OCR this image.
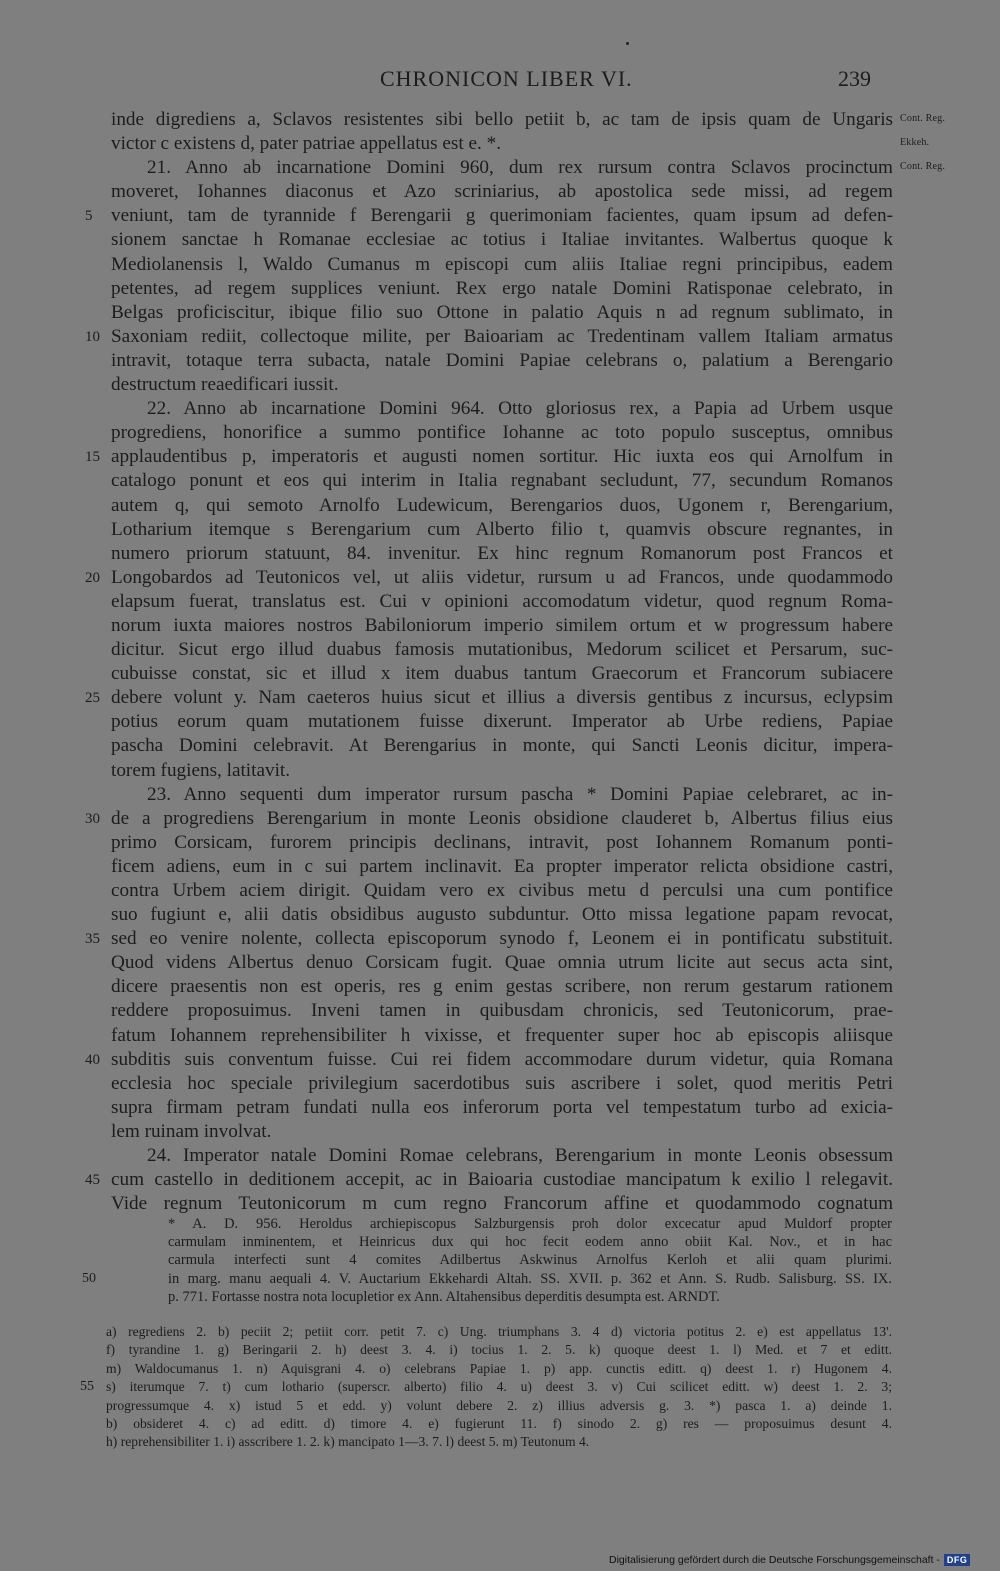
CHRONICON LIBER VI.	239
Cont. Reg.
Ekkeh.
Cont. Reg.
inde digrediens a, Sclavos resistentes sibi bello petiit b, ac tam de ipsis quam de Ungaris
victor c existens d, pater patriae appellatus est e. *.
21. Anno ab incarnatione Domini 960, dum rex rursum contra Sclavos procinctum
moveret, Iohannes diaconus et Azo scriniarius, ab apostolica sede missi, ad regem
veniunt, tam de tyrannide f Berengarii g querimoniam facientes, quam ipsum ad defen-
5
sionem sanctae h Romanae ecclesiae ac totius i Italiae invitantes. Walbertus quoque k
Mediolanensis l, Waldo Cumanus m episcopi cum aliis Italiae regni principibus, eadem
petentes, ad regem supplices veniunt. Rex ergo natale Domini Ratisponae celebrato, in
Belgas proficiscitur, ibique filio suo Ottone in palatio Aquis n ad regnum sublimato, in
Saxoniam rediit, collectoque milite, per Baioariam ac Tredentinam vallem Italiam armatus
10
intravit, totaque terra subacta, natale Domini Papiae celebrans o, palatium a Berengario
destructum reaedificari iussit.
22. Anno ab incarnatione Domini 964. Otto gloriosus rex, a Papia ad Urbem usque
progrediens, honorifice a summo pontifice Iohanne ac toto populo susceptus, omnibus
applaudentibus p, imperatoris et augusti nomen sortitur. Hic iuxta eos qui Arnolfum in
15
catalogo ponunt et eos qui interim in Italia regnabant secludunt, 77, secundum Romanos
autem q, qui semoto Arnolfo Ludewicum, Berengarios duos, Ugonem r, Berengarium,
Lotharium itemque s Berengarium cum Alberto filio t, quamvis obscure regnantes, in
numero priorum statuunt, 84. invenitur. Ex hinc regnum Romanorum post Francos et
Longobardos ad Teutonicos vel, ut aliis videtur, rursum u ad Francos, unde quodammodo
20
elapsum fuerat, translatus est. Cui v opinioni accomodatum videtur, quod regnum Roma-
norum iuxta maiores nostros Babiloniorum imperio similem ortum et w progressum habere
dicitur. Sicut ergo illud duabus famosis mutationibus, Medorum scilicet et Persarum, suc-
cubuisse constat, sic et illud x item duabus tantum Graecorum et Francorum subiacere
debere volunt y. Nam caeteros huius sicut et illius a diversis gentibus z incursus, eclypsim
25
potius eorum quam mutationem fuisse dixerunt. Imperator ab Urbe rediens, Papiae
pascha Domini celebravit. At Berengarius in monte, qui Sancti Leonis dicitur, impera-
torem fugiens, latitavit.
23. Anno sequenti dum imperator rursum pascha * Domini Papiae celebraret, ac in-
de a progrediens Berengarium in monte Leonis obsidione clauderet b, Albertus filius eius
30
primo Corsicam, furorem principis declinans, intravit, post Iohannem Romanum ponti-
ficem adiens, eum in c sui partem inclinavit. Ea propter imperator relicta obsidione castri,
contra Urbem aciem dirigit. Quidam vero ex civibus metu d perculsi una cum pontifice
suo fugiunt e, alii datis obsidibus augusto subduntur. Otto missa legatione papam revocat,
sed eo venire nolente, collecta episcoporum synodo f, Leonem ei in pontificatu substituit.
35
Quod videns Albertus denuo Corsicam fugit. Quae omnia utrum licite aut secus acta sint,
dicere praesentis non est operis, res g enim gestas scribere, non rerum gestarum rationem
reddere proposuimus. Inveni tamen in quibusdam chronicis, sed Teutonicorum, prae-
fatum Iohannem reprehensibiliter h vixisse, et frequenter super hoc ab episcopis aliisque
subditis suis conventum fuisse. Cui rei fidem accommodare durum videtur, quia Romana
40
ecclesia hoc speciale privilegium sacerdotibus suis ascribere i solet, quod meritis Petri
supra firmam petram fundati nulla eos inferorum porta vel tempestatum turbo ad exicia-
lem ruinam involvat.
24. Imperator natale Domini Romae celebrans, Berengarium in monte Leonis obsessum
cum castello in deditionem accepit, ac in Baioaria custodiae mancipatum k exilio l relegavit.
45
Vide regnum Teutonicorum m cum regno Francorum affine et quodammodo cognatum
* A. D. 956. Heroldus archiepiscopus Salzburgensis proh dolor excecatur apud Muldorf propter
carmulam inminentem, et Heinricus dux qui hoc fecit eodem anno obiit Kal. Nov., et in hac
carmula interfecti sunt 4 comites Adilbertus Askwinus Arnolfus Kerloh et alii quam plurimi.
in marg. manu aequali 4. V. Auctarium Ekkehardi Altah. SS. XVII. p. 362 et Ann. S. Rudb. Salisburg. SS. IX.
50
p. 771. Fortasse nostra nota locupletior ex Ann. Altahensibus deperditis desumpta est. ARNDT.
a) regrediens 2. b) peciit 2; petiit corr. petit 7. c) Ung. triumphans 3. 4 d) victoria potitus 2. e) est appellatus 13'.
f) tyrandine 1. g) Beringarii 2. h) deest 3. 4. i) tocius 1. 2. 5. k) quoque deest 1. l) Med. et 7 et editt.
m) Waldocumanus 1. n) Aquisgrani 4. o) celebrans Papiae 1. p) app. cunctis editt. q) deest 1. r) Hugonem 4.
s) iterumque 7. t) cum lothario (superscr. alberto) filio 4. u) deest 3. v) Cui scilicet editt. w) deest 1. 2. 3;
55
progressumque 4. x) istud 5 et edd. y) volunt debere 2. z) illius adversis g. 3. *) pasca 1. a) deinde 1.
b) obsideret 4. c) ad editt. d) timore 4. e) fugierunt 11. f) sinodo 2. g) res — proposuimus desunt 4.
h) reprehensibiliter 1. i) asscribere 1. 2. k) mancipato 1—3. 7. l) deest 5. m) Teutonum 4.
Digitalisierung gefördert durch die Deutsche Forschungsgemeinschaft - DFG
